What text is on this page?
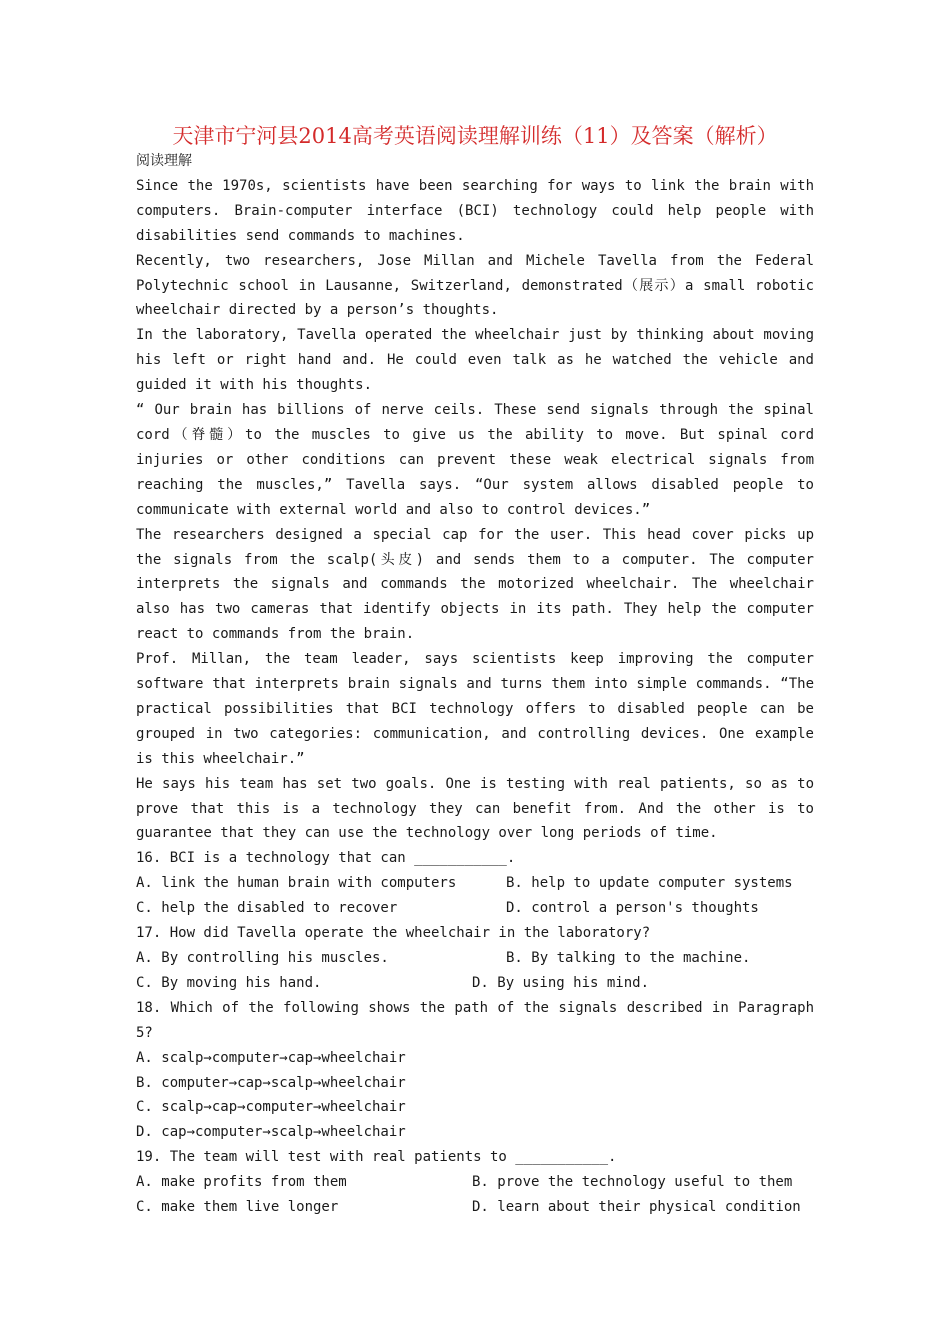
天津市宁河县2014高考英语阅读理解训练（11）及答案（解析）
阅读理解

Since the 1970s, scientists have been searching for ways to link the brain with computers. Brain-computer interface (BCI) technology could help people with disabilities send commands to machines.

Recently, two researchers, Jose Millan and Michele Tavella from the Federal Polytechnic school in Lausanne, Switzerland, demonstrated（展示）a small robotic wheelchair directed by a person’s thoughts.

In the laboratory, Tavella operated the wheelchair just by thinking about moving his left or right hand and. He could even talk as he watched the vehicle and guided it with his thoughts.

“ Our brain has billions of nerve ceils. These send signals through the spinal cord（脊髓）to the muscles to give us the ability to move. But spinal cord injuries or other conditions can prevent these weak electrical signals from reaching the muscles,” Tavella says. “Our system allows disabled people to communicate with external world and also to control devices.”

The researchers designed a special cap for the user. This head cover picks up the signals from the scalp(头皮) and sends them to a computer. The computer interprets the signals and commands the motorized wheelchair. The wheelchair also has two cameras that identify objects in its path. They help the computer react to commands from the brain.

Prof. Millan, the team leader, says scientists keep improving the computer software that interprets brain signals and turns them into simple commands. “The practical possibilities that BCI technology offers to disabled people can be grouped in two categories: communication, and controlling devices. One example is this wheelchair.”

He says his team has set two goals. One is testing with real patients, so as to prove that this is a technology they can benefit from. And the other is to guarantee that they can use the technology over long periods of time.

16. BCI is a technology that can ___________.

A. link the human brain with computers	B. help to update computer systems
C. help the disabled to recover	D. control a person's thoughts

17. How did Tavella operate the wheelchair in the laboratory?

A. By controlling his muscles.	B. By talking to the machine.
C. By moving his hand.	D. By using his mind.

18. Which of the following shows the path of the signals described in Paragraph 5?

A. scalp→computer→cap→wheelchair

B. computer→cap→scalp→wheelchair

C. scalp→cap→computer→wheelchair

D. cap→computer→scalp→wheelchair

19. The team will test with real patients to ___________.

A. make profits from them	B. prove the technology useful to them
C. make them live longer	D. learn about their physical condition
